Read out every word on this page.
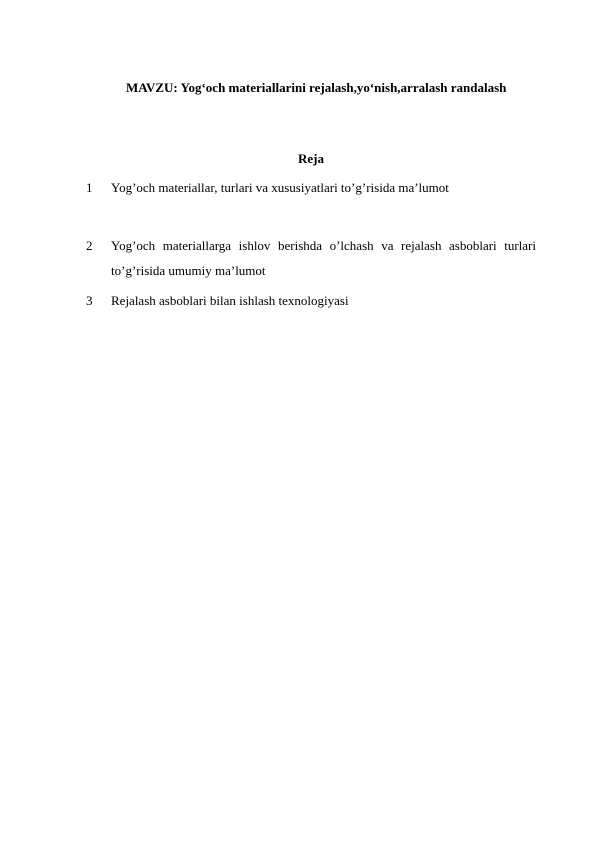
MAVZU: Yog‘och materiallarini rejalash,yo‘nish,arralash randalash
Reja
1	Yog’och materiallar, turlari va xususiyatlari to’g’risida ma’lumot
2	Yog’och materiallarga ishlov berishda o’lchash va rejalash asboblari turlari to’g’risida umumiy ma’lumot
3	Rejalash asboblari bilan ishlash texnologiyasi
